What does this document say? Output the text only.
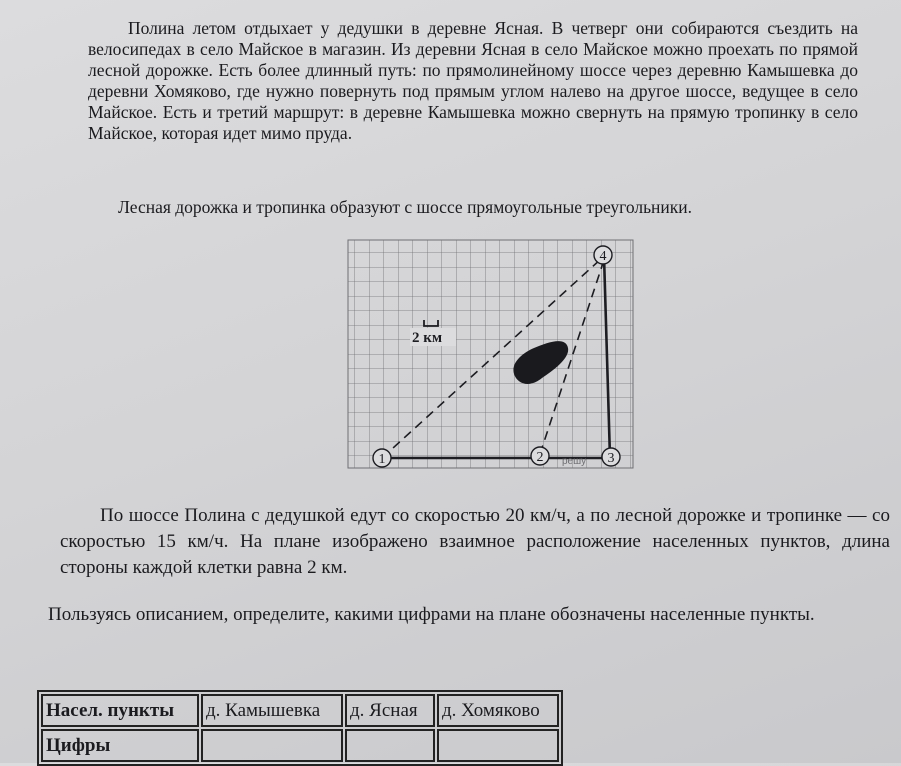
Полина летом отдыхает у дедушки в деревне Ясная. В четверг они собираются съездить на велосипедах в село Майское в магазин. Из деревни Ясная в село Майское можно проехать по прямой лесной дорожке. Есть более длинный путь: по прямолинейному шоссе через деревню Камышевка до деревни Хомяково, где нужно повернуть под прямым углом налево на другое шоссе, ведущее в село Майское. Есть и третий маршрут: в деревне Камышевка можно свернуть на прямую тропинку в село Майское, которая идет мимо пруда.

Лесная дорожка и тропинка образуют с шоссе прямоугольные треугольники.

2 км
решу
1	2	3
4

По шоссе Полина с дедушкой едут со скоростью 20 км/ч, а по лесной дорожке и тропинке — со скоростью 15 км/ч. На плане изображено взаимное расположение населенных пунктов, длина стороны каждой клетки равна 2 км.

Пользуясь описанием, определите, какими цифрами на плане обозначены населенные пункты.

Насел. пункты	д. Камышевка	д. Ясная	д. Хомяково
Цифры			
